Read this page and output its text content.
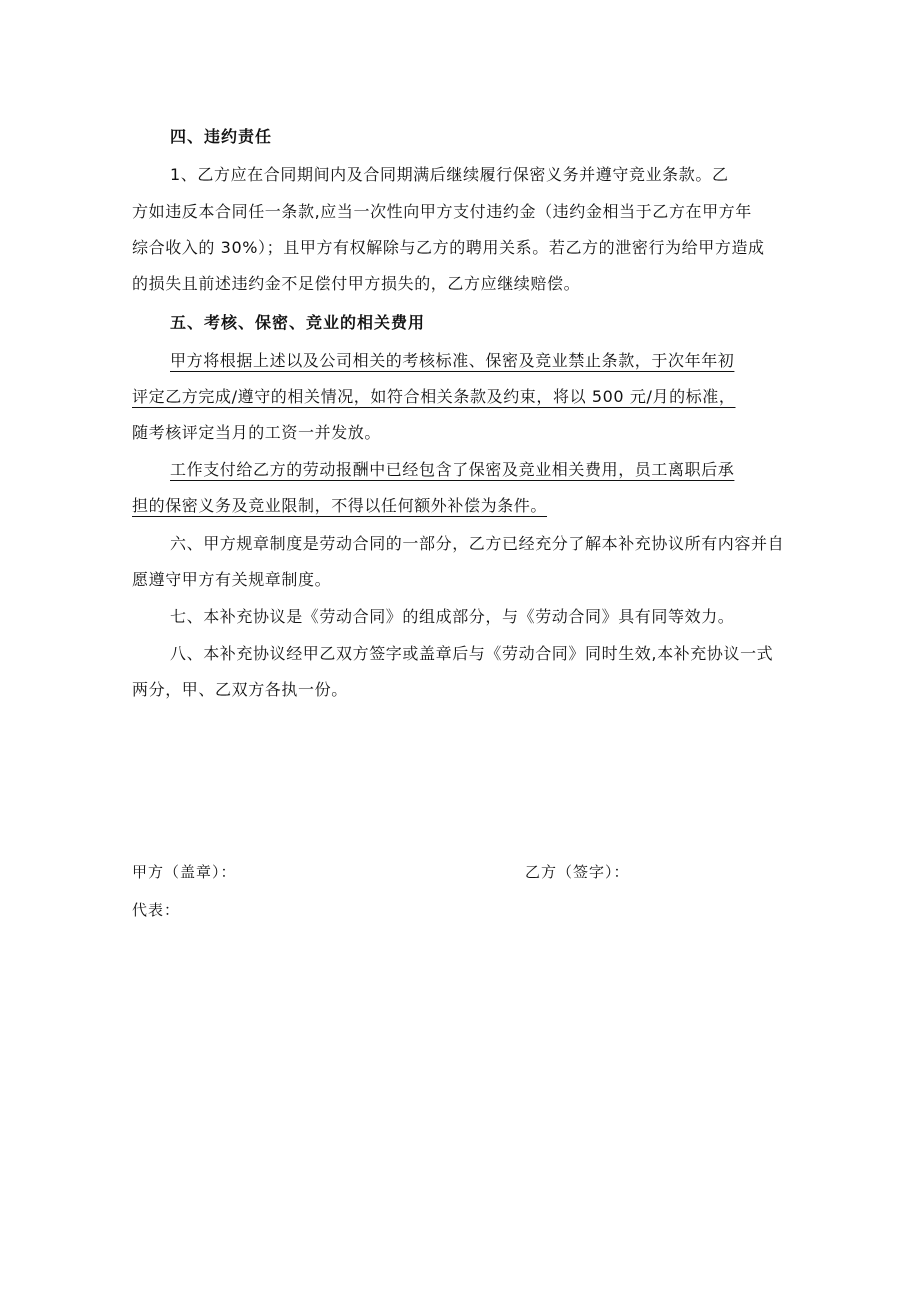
四、违约责任
1、乙方应在合同期间内及合同期满后继续履行保密义务并遵守竞业条款。乙
方如违反本合同任一条款,应当一次性向甲方支付违约金（违约金相当于乙方在甲方年
综合收入的 30%）；且甲方有权解除与乙方的聘用关系。若乙方的泄密行为给甲方造成
的损失且前述违约金不足偿付甲方损失的，乙方应继续赔偿。
五、考核、保密、竞业的相关费用
甲方将根据上述以及公司相关的考核标准、保密及竞业禁止条款，于次年年初
评定乙方完成/遵守的相关情况，如符合相关条款及约束，将以 500 元/月的标准，
随考核评定当月的工资一并发放。
工作支付给乙方的劳动报酬中已经包含了保密及竞业相关费用，员工离职后承
担的保密义务及竞业限制，不得以任何额外补偿为条件。
六、甲方规章制度是劳动合同的一部分，乙方已经充分了解本补充协议所有内容并自
愿遵守甲方有关规章制度。
七、本补充协议是《劳动合同》的组成部分，与《劳动合同》具有同等效力。
八、本补充协议经甲乙双方签字或盖章后与《劳动合同》同时生效,本补充协议一式
两分，甲、乙双方各执一份。
甲方（盖章）：	乙方（签字）：
代表：
